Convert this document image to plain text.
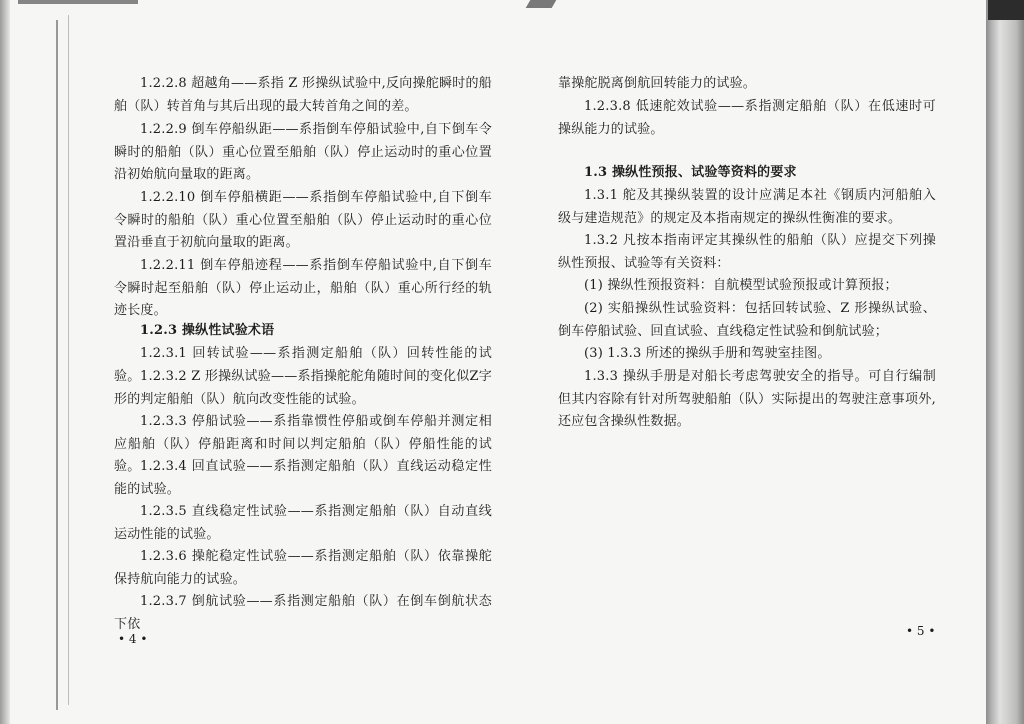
1.2.2.8 超越角——系指 Z 形操纵试验中,反向操舵瞬时的船舶（队）转首角与其后出现的最大转首角之间的差。

1.2.2.9 倒车停船纵距——系指倒车停船试验中,自下倒车令瞬时的船舶（队）重心位置至船舶（队）停止运动时的重心位置沿初始航向量取的距离。

1.2.2.10 倒车停船横距——系指倒车停船试验中,自下倒车令瞬时的船舶（队）重心位置至船舶（队）停止运动时的重心位置沿垂直于初航向量取的距离。

1.2.2.11 倒车停船迹程——系指倒车停船试验中,自下倒车令瞬时起至船舶（队）停止运动止，船舶（队）重心所行经的轨迹长度。

1.2.3 操纵性试验术语

1.2.3.1 回转试验——系指测定船舶（队）回转性能的试验。 1.2.3.2 Z 形操纵试验——系指操舵舵角随时间的变化似Z字形的判定船舶（队）航向改变性能的试验。

1.2.3.3 停船试验——系指靠惯性停船或倒车停船并测定相应船舶（队）停船距离和时间以判定船舶（队）停船性能的试验。 1.2.3.4 回直试验——系指测定船舶（队）直线运动稳定性能的试验。

1.2.3.5 直线稳定性试验——系指测定船舶（队）自动直线运动性能的试验。

1.2.3.6 操舵稳定性试验——系指测定船舶（队）依靠操舵保持航向能力的试验。

1.2.3.7 倒航试验——系指测定船舶（队）在倒车倒航状态下依

• 4 •

靠操舵脱离倒航回转能力的试验。

1.2.3.8 低速舵效试验——系指测定船舶（队）在低速时可操纵能力的试验。

1.3 操纵性预报、试验等资料的要求

1.3.1 舵及其操纵装置的设计应满足本社《钢质内河船舶入级与建造规范》的规定及本指南规定的操纵性衡准的要求。

1.3.2 凡按本指南评定其操纵性的船舶（队）应提交下列操纵性预报、试验等有关资料：

(1) 操纵性预报资料：自航模型试验预报或计算预报；

(2) 实船操纵性试验资料：包括回转试验、Z 形操纵试验、倒车停船试验、回直试验、直线稳定性试验和倒航试验；

(3) 1.3.3 所述的操纵手册和驾驶室挂图。

1.3.3 操纵手册是对船长考虑驾驶安全的指导。可自行编制但其内容除有针对所驾驶船舶（队）实际提出的驾驶注意事项外,还应包含操纵性数据。

• 5 •
